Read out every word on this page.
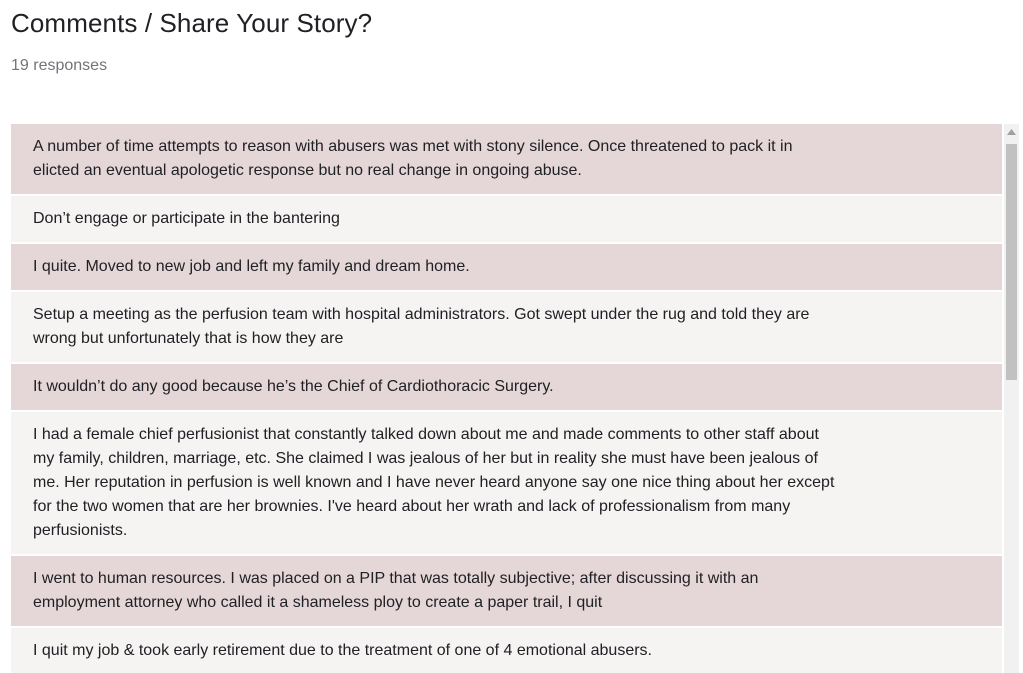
Comments / Share Your Story?
19 responses
A number of time attempts to reason with abusers was met with stony silence. Once threatened to pack it in
elicted an eventual apologetic response but no real change in ongoing abuse.
Don’t engage or participate in the bantering
I quite. Moved to new job and left my family and dream home.
Setup a meeting as the perfusion team with hospital administrators. Got swept under the rug and told they are
wrong but unfortunately that is how they are
It wouldn’t do any good because he’s the Chief of Cardiothoracic Surgery.
I had a female chief perfusionist that constantly talked down about me and made comments to other staff about
my family, children, marriage, etc. She claimed I was jealous of her but in reality she must have been jealous of
me. Her reputation in perfusion is well known and I have never heard anyone say one nice thing about her except
for the two women that are her brownies. I've heard about her wrath and lack of professionalism from many
perfusionists.
I went to human resources. I was placed on a PIP that was totally subjective; after discussing it with an
employment attorney who called it a shameless ploy to create a paper trail, I quit
I quit my job & took early retirement due to the treatment of one of 4 emotional abusers.
